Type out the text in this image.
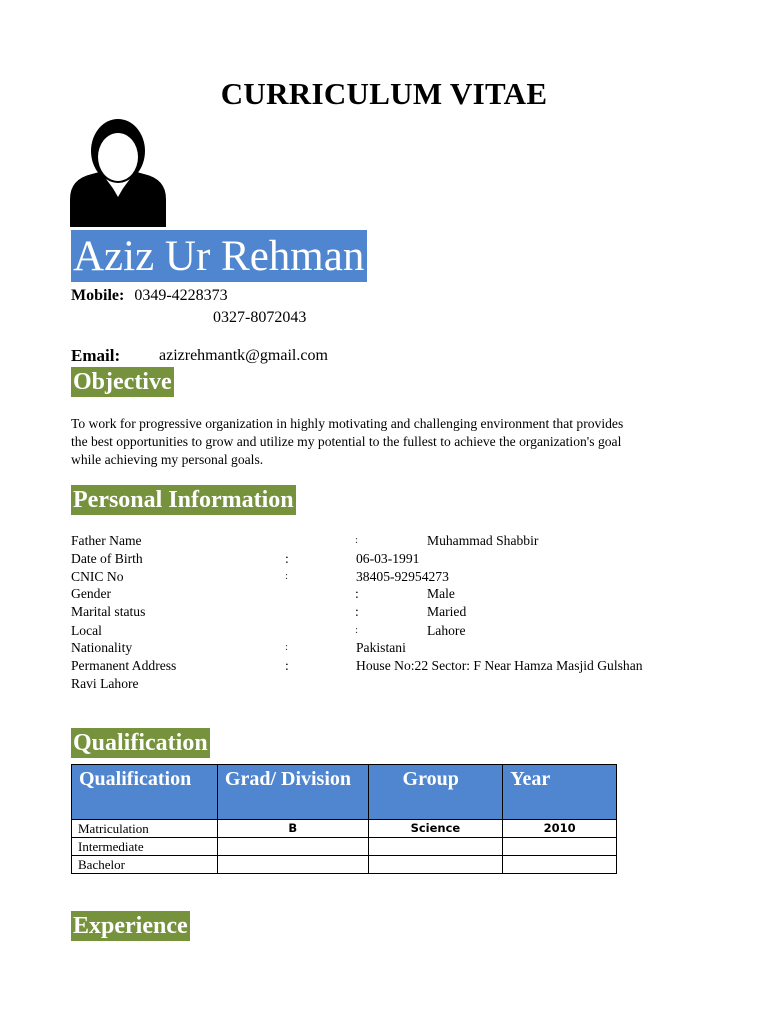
CURRICULUM VITAE
Aziz Ur Rehman
Mobile: 0349-4228373
0327-8072043
Email: azizrehmantk@gmail.com
Objective
To work for progressive organization in highly motivating and challenging environment that provides
the best opportunities to grow and utilize my potential to the fullest to achieve the organization's goal
while achieving my personal goals.
Personal Information
Father Name	:	Muhammad Shabbir
Date of Birth	:	06-03-1991
CNIC No	:	38405-92954273
Gender	:	Male
Marital status	:	Maried
Local	:	Lahore
Nationality	:	Pakistani
Permanent Address	:	House No:22 Sector: F Near Hamza Masjid Gulshan
Ravi Lahore
Qualification
Qualification	Grad/ Division	Group	Year
Matriculation	B	Science	2010
Intermediate			
Bachelor			
Experience
